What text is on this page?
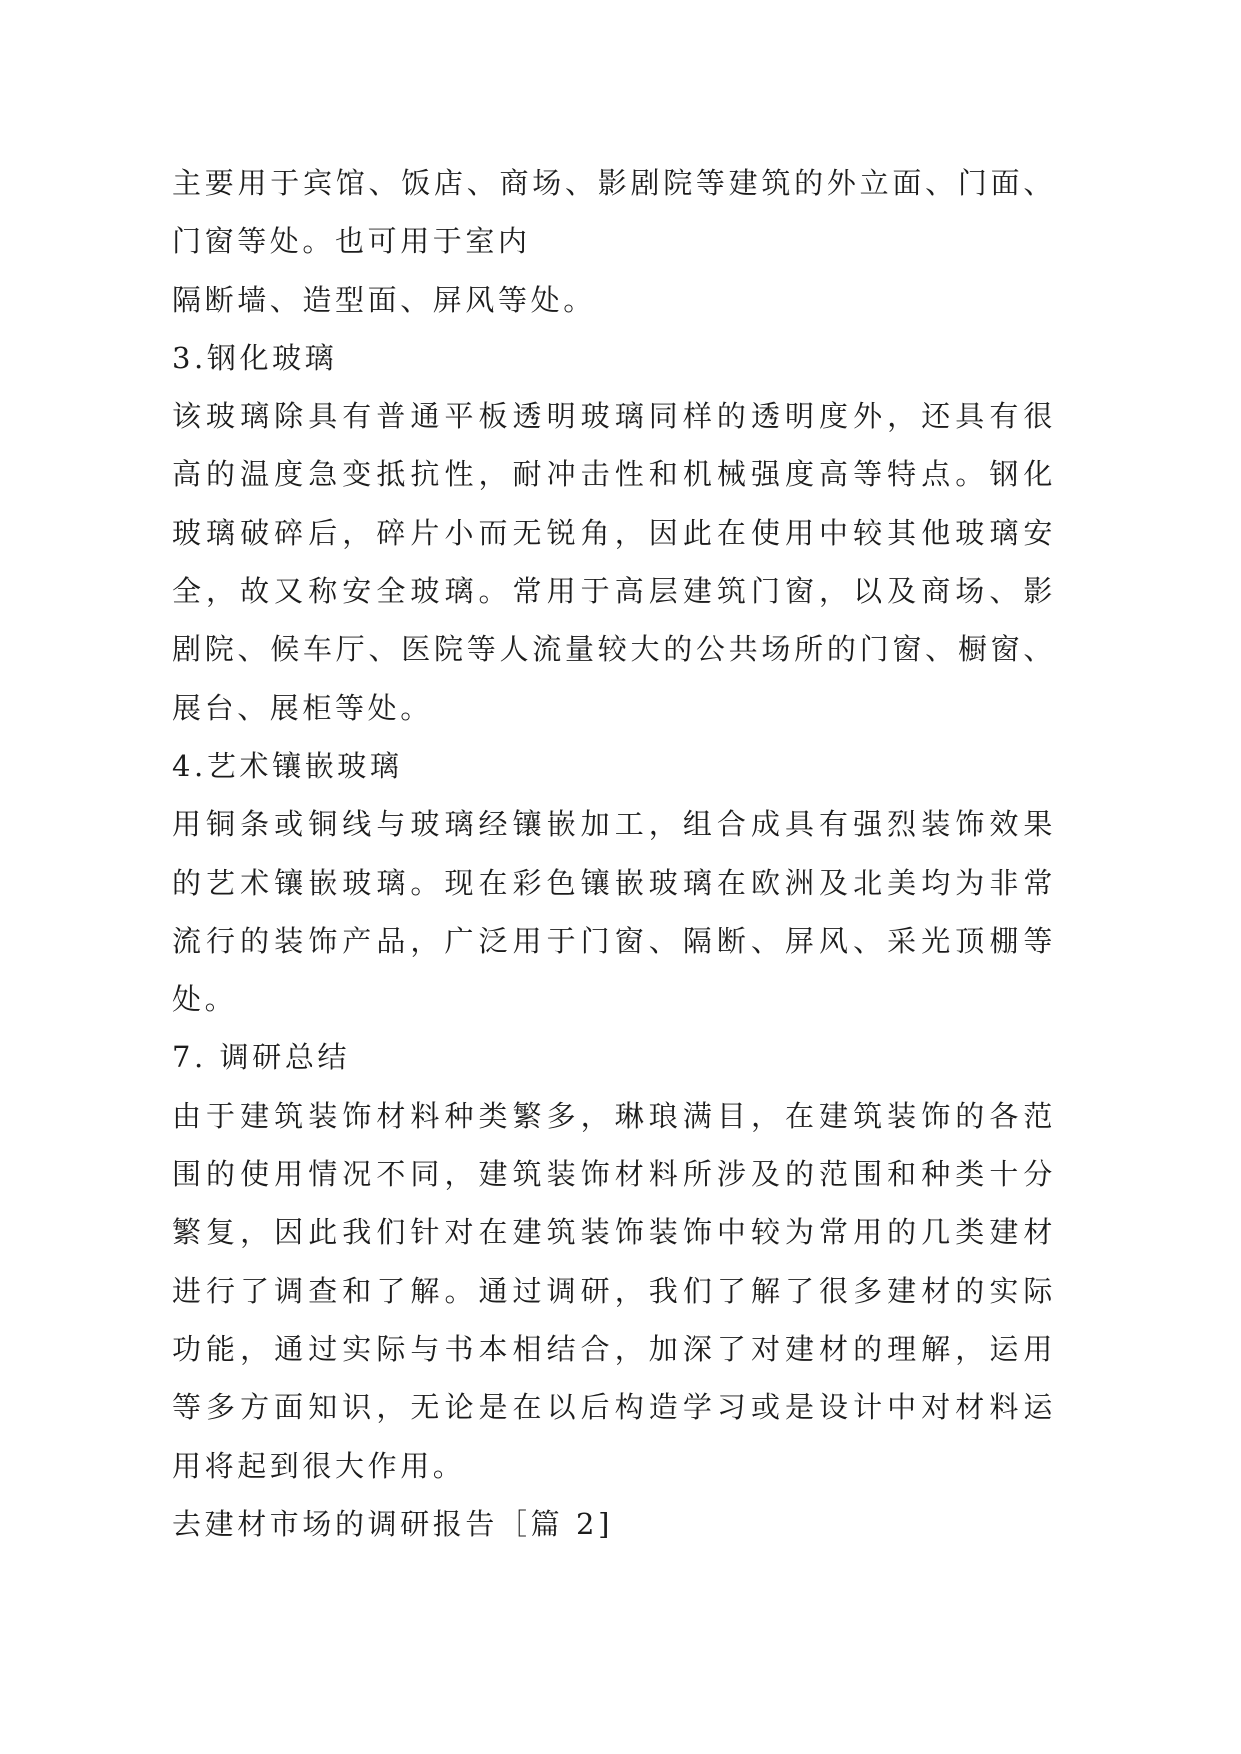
主要用于宾馆、饭店、商场、影剧院等建筑的外立面、门面、
门窗等处。也可用于室内
隔断墙、造型面、屏风等处。
3.钢化玻璃
该玻璃除具有普通平板透明玻璃同样的透明度外，还具有很
高的温度急变抵抗性，耐冲击性和机械强度高等特点。钢化
玻璃破碎后，碎片小而无锐角，因此在使用中较其他玻璃安
全，故又称安全玻璃。常用于高层建筑门窗，以及商场、影
剧院、候车厅、医院等人流量较大的公共场所的门窗、橱窗、
展台、展柜等处。
4.艺术镶嵌玻璃
用铜条或铜线与玻璃经镶嵌加工，组合成具有强烈装饰效果
的艺术镶嵌玻璃。现在彩色镶嵌玻璃在欧洲及北美均为非常
流行的装饰产品，广泛用于门窗、隔断、屏风、采光顶棚等
处。
7. 调研总结
由于建筑装饰材料种类繁多，琳琅满目，在建筑装饰的各范
围的使用情况不同，建筑装饰材料所涉及的范围和种类十分
繁复，因此我们针对在建筑装饰装饰中较为常用的几类建材
进行了调查和了解。通过调研，我们了解了很多建材的实际
功能，通过实际与书本相结合，加深了对建材的理解，运用
等多方面知识，无论是在以后构造学习或是设计中对材料运
用将起到很大作用。
去建材市场的调研报告［篇 2]
